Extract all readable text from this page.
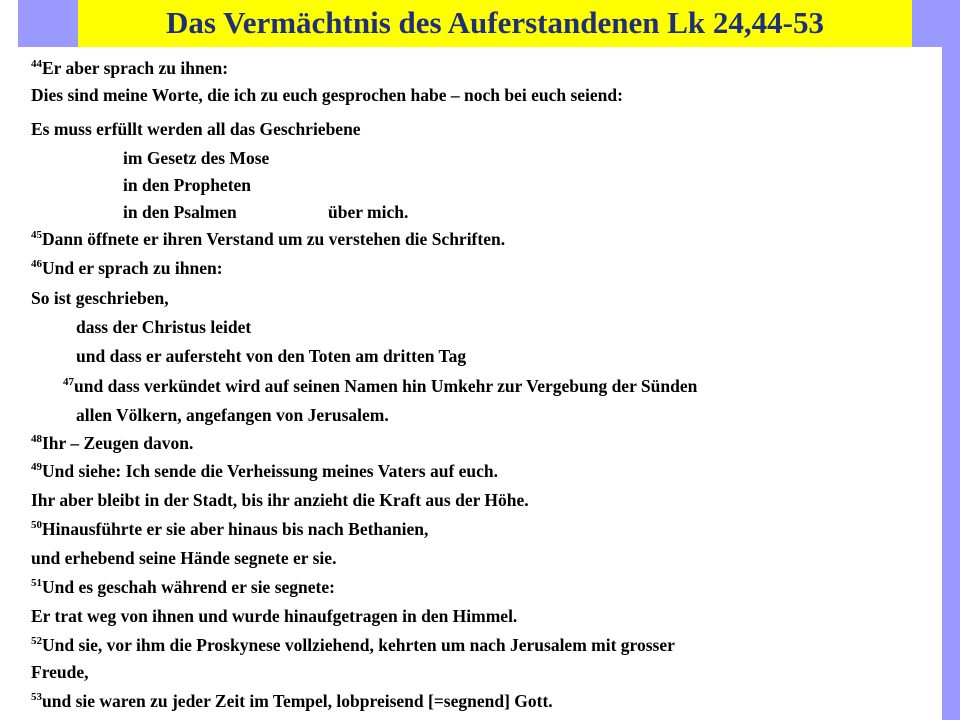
Das Vermächtnis des Auferstandenen Lk 24,44-53
$^{44}$Er aber sprach zu ihnen:
Dies sind meine Worte, die ich zu euch gesprochen habe – noch bei euch seiend:
Es muss erfüllt werden all das Geschriebene
im Gesetz des Mose
in den Propheten
in den Psalmen	über mich.
$^{45}$Dann öffnete er ihren Verstand um zu verstehen die Schriften.
$^{46}$Und er sprach zu ihnen:
So ist geschrieben,
dass der Christus leidet
und dass er aufersteht von den Toten am dritten Tag
$^{47}$und dass verkündet wird auf seinen Namen hin Umkehr zur Vergebung der Sünden
allen Völkern, angefangen von Jerusalem.
$^{48}$Ihr – Zeugen davon.
$^{49}$Und siehe: Ich sende die Verheissung meines Vaters auf euch.
Ihr aber bleibt in der Stadt, bis ihr anzieht die Kraft aus der Höhe.
$^{50}$Hinausführte er sie aber hinaus bis nach Bethanien,
und erhebend seine Hände segnete er sie.
$^{51}$Und es geschah während er sie segnete:
Er trat weg von ihnen und wurde hinaufgetragen in den Himmel.
$^{52}$Und sie, vor ihm die Proskynese vollziehend, kehrten um nach Jerusalem mit grosser
Freude,
$^{53}$und sie waren zu jeder Zeit im Tempel, lobpreisend [=segnend] Gott.
